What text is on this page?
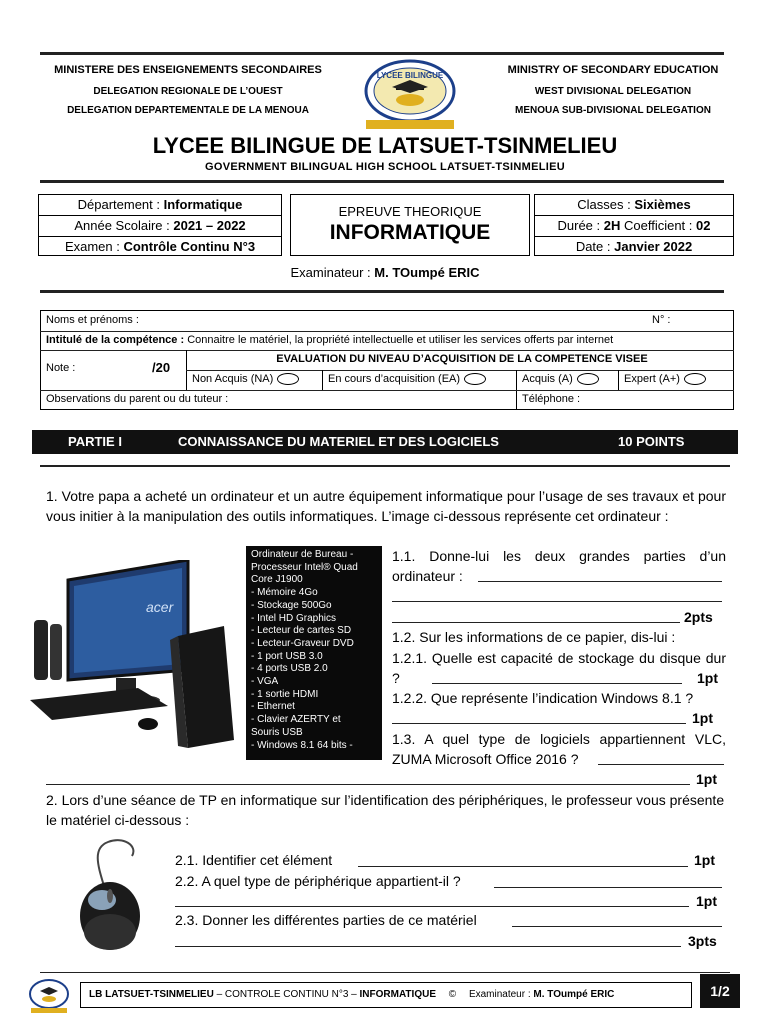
MINISTERE DES ENSEIGNEMENTS SECONDAIRES
DELEGATION REGIONALE DE L’OUEST
DELEGATION DEPARTEMENTALE DE LA MENOUA
MINISTRY OF SECONDARY EDUCATION
WEST DIVISIONAL DELEGATION
MENOUA SUB-DIVISIONAL DELEGATION
LYCEE BILINGUE
LYCEE BILINGUE DE LATSUET-TSINMELIEU
GOVERNMENT BILINGUAL HIGH SCHOOL LATSUET-TSINMELIEU
Département : Informatique
Année Scolaire : 2021 – 2022
Examen : Contrôle Continu N°3
EPREUVE THEORIQUE
INFORMATIQUE
Classes : Sixièmes
Durée : 2H Coefficient : 02
Date : Janvier 2022
Examinateur : M. TOumpé ERIC
Noms et prénoms :	N° :
Intitulé de la compétence : Connaitre le matériel, la propriété intellectuelle et utiliser les services offerts par internet
Note :	/20
EVALUATION DU NIVEAU D’ACQUISITION DE LA COMPETENCE VISEE
Non Acquis (NA)	En cours d’acquisition (EA)	Acquis (A)	Expert (A+)
Observations du parent ou du tuteur :	Téléphone :
PARTIE I	CONNAISSANCE DU MATERIEL ET DES LOGICIELS	10 POINTS
1. Votre papa a acheté un ordinateur et un autre équipement informatique pour l’usage de ses travaux et pour vous initier à la manipulation des outils informatiques. L’image ci-dessous représente cet ordinateur :
acer
Ordinateur de Bureau -
Processeur Intel® Quad
Core J1900
- Mémoire 4Go
- Stockage 500Go
- Intel HD Graphics
- Lecteur de cartes SD
- Lecteur-Graveur DVD
- 1 port USB 3.0
- 4 ports USB 2.0
- VGA
- 1 sortie HDMI
- Ethernet
- Clavier AZERTY et
Souris USB
- Windows 8.1 64 bits -
1.1. Donne-lui les deux grandes parties d’un ordinateur :
2pts
1.2. Sur les informations de ce papier, dis-lui :
1.2.1. Quelle est capacité de stockage du disque dur ?	1pt
1.2.2. Que représente l’indication Windows 8.1 ?
1pt
1.3. A quel type de logiciels appartiennent VLC, ZUMA Microsoft Office 2016 ?
1pt
2. Lors d’une séance de TP en informatique sur l’identification des périphériques, le professeur vous présente le matériel ci-dessous :
2.1. Identifier cet élément	1pt
2.2. A quel type de périphérique appartient-il ?
1pt
2.3. Donner les différentes parties de ce matériel
3pts
LB LATSUET-TSINMELIEU – CONTROLE CONTINU N°3 – INFORMATIQUE © Examinateur : M. TOumpé ERIC	1/2
